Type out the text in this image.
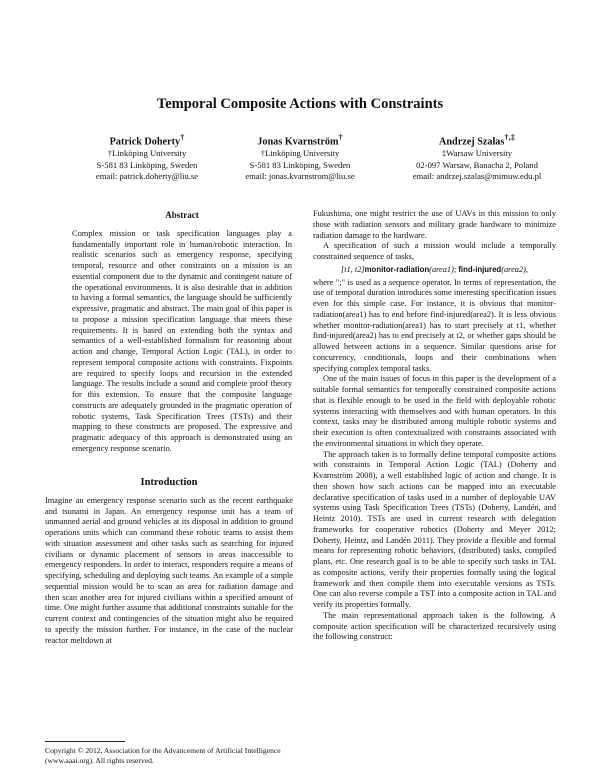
Temporal Composite Actions with Constraints
Patrick Doherty†
†Linköping University
S-581 83 Linköping, Sweden
email: patrick.doherty@liu.se
Jonas Kvarnström†
†Linköping University
S-581 83 Linköping, Sweden
email: jonas.kvarnstrom@liu.se
Andrzej Szałas†,‡
‡Warsaw University
02-097 Warsaw, Banacha 2, Poland
email: andrzej.szalas@mimuw.edu.pl
Abstract

Complex mission or task specification languages play a fundamentally important role in human/robotic interaction. In realistic scenarios such as emergency response, specifying temporal, resource and other constraints on a mission is an essential component due to the dynamic and contingent nature of the operational environments. It is also desirable that in addition to having a formal semantics, the language should be sufficiently expressive, pragmatic and abstract. The main goal of this paper is to propose a mission specification language that meets these requirements. It is based on extending both the syntax and semantics of a well-established formalism for reasoning about action and change, Temporal Action Logic (TAL), in order to represent temporal composite actions with constraints. Fixpoints are required to specify loops and recursion in the extended language. The results include a sound and complete proof theory for this extension. To ensure that the composite language constructs are adequately grounded in the pragmatic operation of robotic systems, Task Specification Trees (TSTs) and their mapping to these constructs are proposed. The expressive and pragmatic adequacy of this approach is demonstrated using an emergency response scenario.

Introduction

Imagine an emergency response scenario such as the recent earthquake and tsunami in Japan. An emergency response unit has a team of unmanned aerial and ground vehicles at its disposal in addition to ground operations units which can command these robotic teams to assist them with situation assessment and other tasks such as searching for injured civilians or dynamic placement of sensors in areas inaccessible to emergency responders. In order to interact, responders require a means of specifying, scheduling and deploying such teams. An example of a simple sequential mission would be to scan an area for radiation damage and then scan another area for injured civilians within a specified amount of time. One might further assume that additional constraints suitable for the current context and contingencies of the situation might also be required to specify the mission further. For instance, in the case of the nuclear reactor meltdown at

Copyright © 2012, Association for the Advancement of Artificial Intelligence (www.aaai.org). All rights reserved.

Fukushima, one might restrict the use of UAVs in this mission to only those with radiation sensors and military grade hardware to minimize radiation damage to the hardware.

A specification of such a mission would include a temporally constrained sequence of tasks,

[t1, t2]monitor-radiation(area1); find-injured(area2),

where ";" is used as a sequence operator. In terms of representation, the use of temporal duration introduces some interesting specification issues even for this simple case. For instance, it is obvious that monitor-radiation(area1) has to end before find-injured(area2). It is less obvious whether monitor-radiation(area1) has to start precisely at t1, whether find-injured(area2) has to end precisely at t2, or whether gaps should be allowed between actions in a sequence. Similar questions arise for concurrency, conditionals, loops and their combinations when specifying complex temporal tasks.

One of the main issues of focus in this paper is the development of a suitable formal semantics for temporally constrained composite actions that is flexible enough to be used in the field with deployable robotic systems interacting with themselves and with human operators. In this context, tasks may be distributed among multiple robotic systems and their execution is often contextualized with constraints associated with the environmental situations in which they operate.

The approach taken is to formally define temporal composite actions with constraints in Temporal Action Logic (TAL) (Doherty and Kvarnström 2008), a well established logic of action and change. It is then shown how such actions can be mapped into an executable declarative specification of tasks used in a number of deployable UAV systems using Task Specification Trees (TSTs) (Doherty, Landén, and Heintz 2010). TSTs are used in current research with delegation frameworks for cooperative robotics (Doherty and Meyer 2012; Doherty, Heintz, and Landén 2011). They provide a flexible and formal means for representing robotic behaviors, (distributed) tasks, compiled plans, etc. One research goal is to be able to specify such tasks in TAL as composite actions, verify their properties formally using the logical framework and then compile them into executable versions as TSTs. One can also reverse compile a TST into a composite action in TAL and verify its properties formally.

The main representational approach taken is the following. A composite action specification will be characterized recursively using the following construct:
